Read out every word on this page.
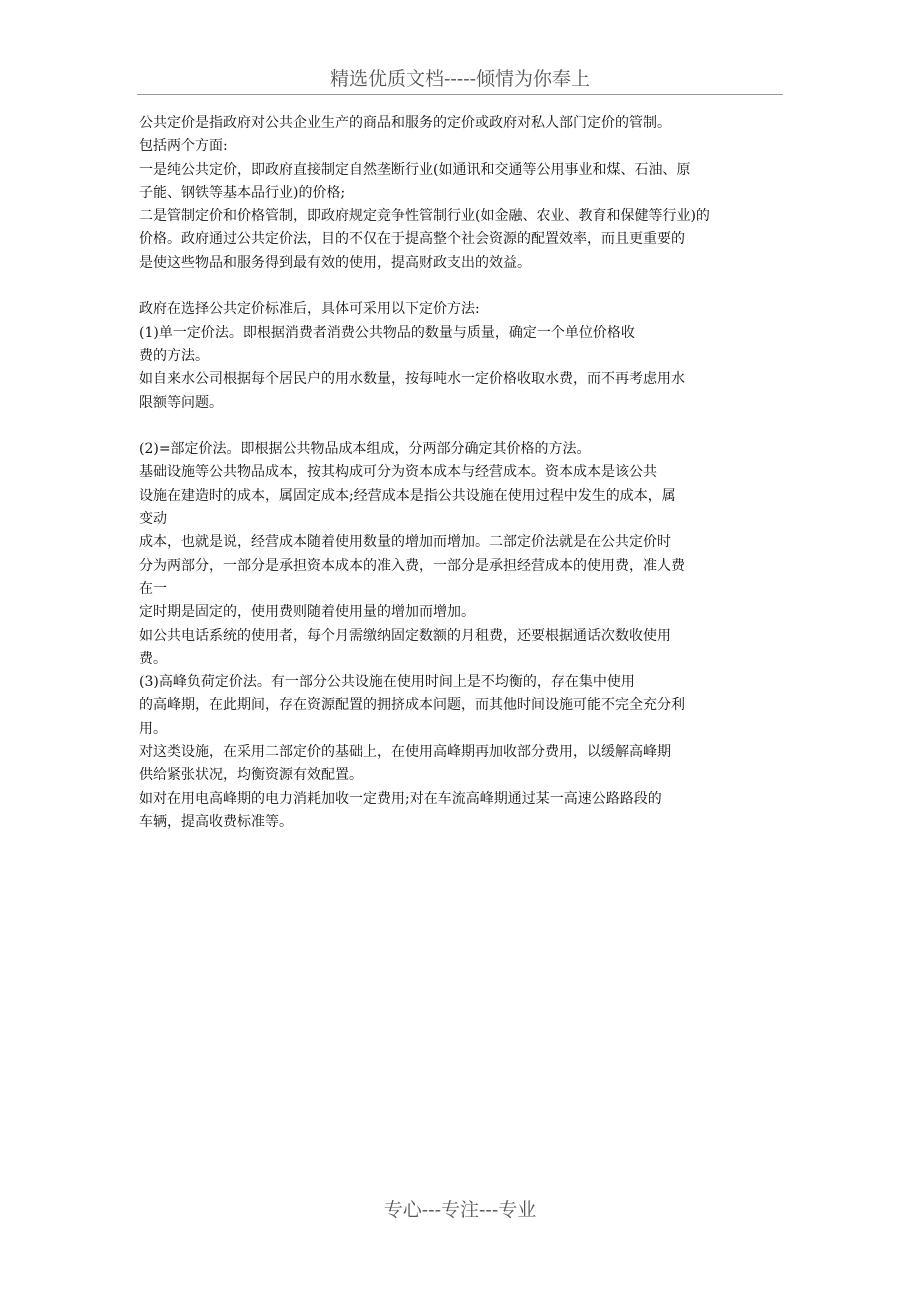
精选优质文档-----倾情为你奉上
公共定价是指政府对公共企业生产的商品和服务的定价或政府对私人部门定价的管制。
包括两个方面:
一是纯公共定价，即政府直接制定自然垄断行业(如通讯和交通等公用事业和煤、石油、原
子能、钢铁等基本品行业)的价格;
二是管制定价和价格管制，即政府规定竞争性管制行业(如金融、农业、教育和保健等行业)的
价格。政府通过公共定价法，目的不仅在于提高整个社会资源的配置效率，而且更重要的
是使这些物品和服务得到最有效的使用，提高财政支出的效益。

政府在选择公共定价标准后，具体可采用以下定价方法:
(1)单一定价法。即根据消费者消费公共物品的数量与质量，确定一个单位价格收
费的方法。
如自来水公司根据每个居民户的用水数量，按每吨水一定价格收取水费，而不再考虑用水
限额等问题。

(2)=部定价法。即根据公共物品成本组成，分两部分确定其价格的方法。
基础设施等公共物品成本，按其构成可分为资本成本与经营成本。资本成本是该公共
设施在建造时的成本，属固定成本;经营成本是指公共设施在使用过程中发生的成本，属
变动
成本，也就是说，经营成本随着使用数量的增加而增加。二部定价法就是在公共定价时
分为两部分，一部分是承担资本成本的准入费，一部分是承担经营成本的使用费，准人费
在一
定时期是固定的，使用费则随着使用量的增加而增加。
如公共电话系统的使用者，每个月需缴纳固定数额的月租费，还要根据通话次数收使用
费。
(3)高峰负荷定价法。有一部分公共设施在使用时间上是不均衡的，存在集中使用
的高峰期，在此期间，存在资源配置的拥挤成本问题，而其他时间设施可能不完全充分利
用。
对这类设施，在采用二部定价的基础上，在使用高峰期再加收部分费用，以缓解高峰期
供给紧张状况，均衡资源有效配置。
如对在用电高峰期的电力消耗加收一定费用;对在车流高峰期通过某一高速公路路段的
车辆，提高收费标准等。
专心---专注---专业
